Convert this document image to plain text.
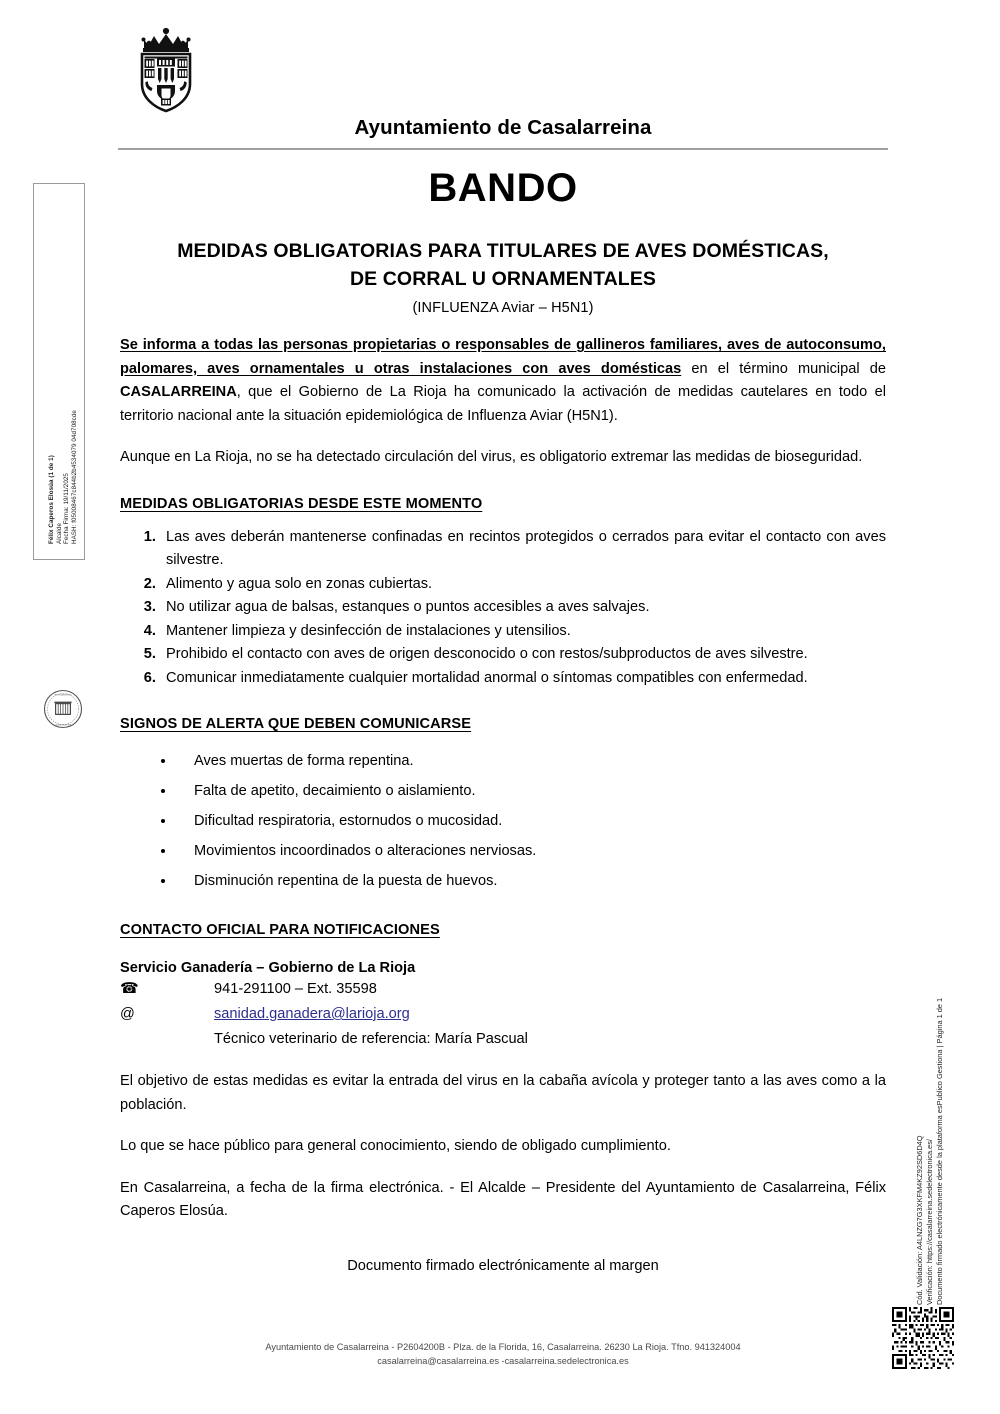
Félix Caperos Elosúa (1 de 1) Alcalde Fecha Firma: 19/11/2025 HASH: f05008467c844b2b4534079 04d708cde
AYUNTAMIENTO
CASALARREINA
Cód. Validación: A4LNZG7G3XKFM4KZ92SD6D4Q Verificación: https://casalarreina.sedelectronica.es/ Documento firmado electrónicamente desde la plataforma esPublico Gestiona | Página 1 de 1
Ayuntamiento de Casalarreina
BANDO
MEDIDAS OBLIGATORIAS PARA TITULARES DE AVES DOMÉSTICAS,
DE CORRAL U ORNAMENTALES
(INFLUENZA Aviar – H5N1)

Se informa a todas las personas propietarias o responsables de gallineros familiares, aves de autoconsumo, palomares, aves ornamentales u otras instalaciones con aves domésticas en el término municipal de CASALARREINA, que el Gobierno de La Rioja ha comunicado la activación de medidas cautelares en todo el territorio nacional ante la situación epidemiológica de Influenza Aviar (H5N1).

Aunque en La Rioja, no se ha detectado circulación del virus, es obligatorio extremar las medidas de bioseguridad.

MEDIDAS OBLIGATORIAS DESDE ESTE MOMENTO
1. Las aves deberán mantenerse confinadas en recintos protegidos o cerrados para evitar el contacto con aves silvestre.
2. Alimento y agua solo en zonas cubiertas.
3. No utilizar agua de balsas, estanques o puntos accesibles a aves salvajes.
4. Mantener limpieza y desinfección de instalaciones y utensilios.
5. Prohibido el contacto con aves de origen desconocido o con restos/subproductos de aves silvestre.
6. Comunicar inmediatamente cualquier mortalidad anormal o síntomas compatibles con enfermedad.
SIGNOS DE ALERTA QUE DEBEN COMUNICARSE
• Aves muertas de forma repentina.
• Falta de apetito, decaimiento o aislamiento.
• Dificultad respiratoria, estornudos o mucosidad.
• Movimientos incoordinados o alteraciones nerviosas.
• Disminución repentina de la puesta de huevos.
CONTACTO OFICIAL PARA NOTIFICACIONES
Servicio Ganadería – Gobierno de La Rioja
☎	941-291100 – Ext. 35598
@	sanidad.ganadera@larioja.org
Técnico veterinario de referencia: María Pascual

El objetivo de estas medidas es evitar la entrada del virus en la cabaña avícola y proteger tanto a las aves como a la población.

Lo que se hace público para general conocimiento, siendo de obligado cumplimiento.

En Casalarreina, a fecha de la firma electrónica. - El Alcalde – Presidente del Ayuntamiento de Casalarreina, Félix Caperos Elosúa.

Documento firmado electrónicamente al margen
Ayuntamiento de Casalarreina - P2604200B - Plza. de la Florida, 16, Casalarreina. 26230 La Rioja. Tfno. 941324004
casalarreina@casalarreina.es -casalarreina.sedelectronica.es
